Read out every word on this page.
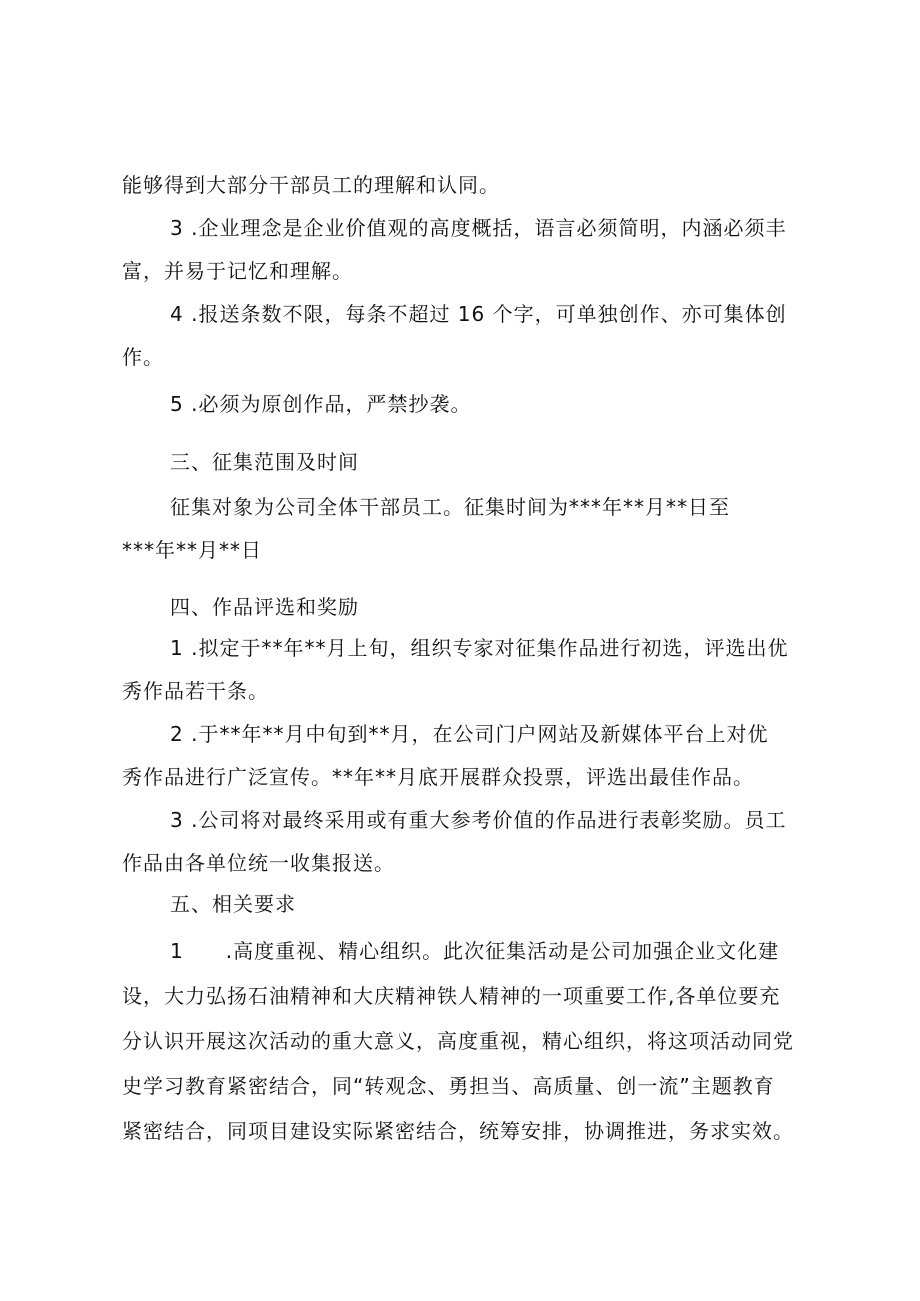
能够得到大部分干部员工的理解和认同。
3 .企业理念是企业价值观的高度概括，语言必须简明，内涵必须丰
富，并易于记忆和理解。
4 .报送条数不限，每条不超过 16 个字，可单独创作、亦可集体创
作。
5 .必须为原创作品，严禁抄袭。
三、征集范围及时间
征集对象为公司全体干部员工。征集时间为***年**月**日至
***年**月**日
四、作品评选和奖励
1 .拟定于**年**月上旬，组织专家对征集作品进行初选，评选出优
秀作品若干条。
2 .于**年**月中旬到**月，在公司门户网站及新媒体平台上对优
秀作品进行广泛宣传。**年**月底开展群众投票，评选出最佳作品。
3 .公司将对最终采用或有重大参考价值的作品进行表彰奖励。员工
作品由各单位统一收集报送。
五、相关要求
1　　.高度重视、精心组织。此次征集活动是公司加强企业文化建
设，大力弘扬石油精神和大庆精神铁人精神的一项重要工作,各单位要充
分认识开展这次活动的重大意义，高度重视，精心组织，将这项活动同党
史学习教育紧密结合，同“转观念、勇担当、高质量、创一流”主题教育
紧密结合，同项目建设实际紧密结合，统筹安排，协调推进，务求实效。
